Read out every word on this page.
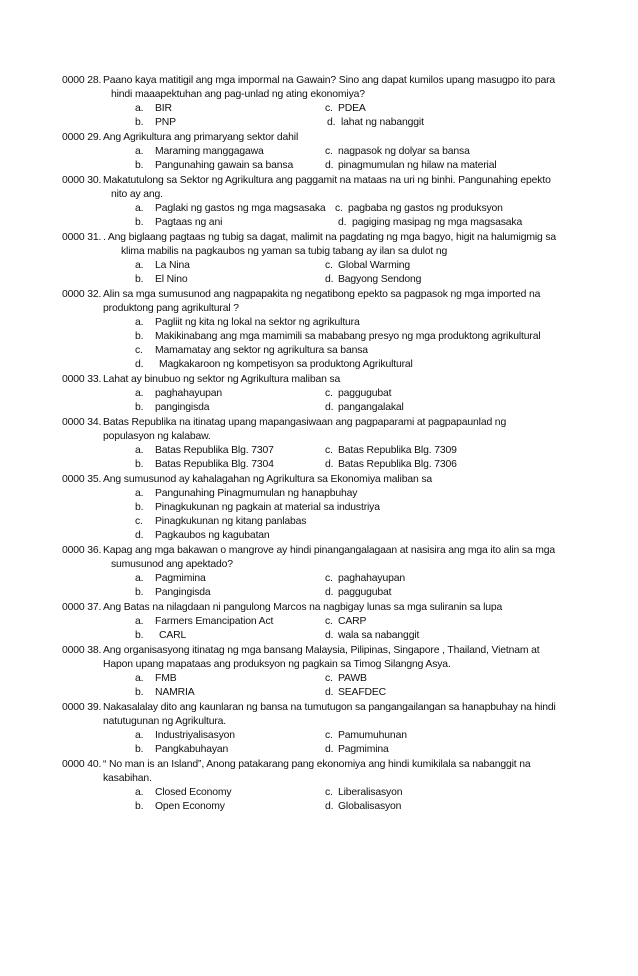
0000 28. Paano kaya matitigil ang mga impormal na Gawain? Sino ang dapat kumilos upang masugpo ito para
hindi maaapektuhan ang pag-unlad ng ating ekonomiya?
a. BIR	c. PDEA
b. PNP	d. lahat ng nabanggit
0000 29. Ang Agrikultura ang primaryang sektor dahil
a. Maraming manggagawa	c. nagpasok ng dolyar sa bansa
b. Pangunahing gawain sa bansa	d. pinagmumulan ng hilaw na material
0000 30. Makatutulong sa Sektor ng Agrikultura ang paggamit na mataas na uri ng binhi. Pangunahing epekto
nito ay ang.
a. Paglaki ng gastos ng mga magsasaka c. pagbaba ng gastos ng produksyon
b. Pagtaas ng ani	d. pagiging masipag ng mga magsasaka
0000 31. . Ang biglaang pagtaas ng tubig sa dagat, malimit na pagdating ng mga bagyo, higit na halumigmig sa
klima mabilis na pagkaubos ng yaman sa tubig tabang ay ilan sa dulot ng
a. La Nina	c. Global Warming
b. El Nino	d. Bagyong Sendong
0000 32. Alin sa mga sumusunod ang nagpapakita ng negatibong epekto sa pagpasok ng mga imported na
produktong pang agrikultural ?
a. Pagliit ng kita ng lokal na sektor ng agrikultura
b. Makikinabang ang mga mamimili sa mababang presyo ng mga produktong agrikultural
c. Mamamatay ang sektor ng agrikultura sa bansa
d. Magkakaroon ng kompetisyon sa produktong Agrikultural
0000 33. Lahat ay binubuo ng sektor ng Agrikultura maliban sa
a. paghahayupan	c. paggugubat
b. pangingisda	d. pangangalakal
0000 34. Batas Republika na itinatag upang mapangasiwaan ang pagpaparami at pagpapaunlad ng
populasyon ng kalabaw.
a. Batas Republika Blg. 7307	c. Batas Republika Blg. 7309
b. Batas Republika Blg. 7304	d. Batas Republika Blg. 7306
0000 35. Ang sumusunod ay kahalagahan ng Agrikultura sa Ekonomiya maliban sa
a. Pangunahing Pinagmumulan ng hanapbuhay
b. Pinagkukunan ng pagkain at material sa industriya
c. Pinagkukunan ng kitang panlabas
d. Pagkaubos ng kagubatan
0000 36. Kapag ang mga bakawan o mangrove ay hindi pinangangalagaan at nasisira ang mga ito alin sa mga
sumusunod ang apektado?
a. Pagmimina	c. paghahayupan
b. Pangingisda	d. paggugubat
0000 37. Ang Batas na nilagdaan ni pangulong Marcos na nagbigay lunas sa mga suliranin sa lupa
a. Farmers Emancipation Act	c. CARP
b. CARL	d. wala sa nabanggit
0000 38. Ang organisasyong itinatag ng mga bansang Malaysia, Pilipinas, Singapore , Thailand, Vietnam at
Hapon upang mapataas ang produksyon ng pagkain sa Timog Silangng Asya.
a. FMB	c. PAWB
b. NAMRIA	d. SEAFDEC
0000 39. Nakasalalay dito ang kaunlaran ng bansa na tumutugon sa pangangailangan sa hanapbuhay na hindi
natutugunan ng Agrikultura.
a. Industriyalisasyon	c. Pamumuhunan
b. Pangkabuhayan	d. Pagmimina
0000 40. “ No man is an Island”, Anong patakarang pang ekonomiya ang hindi kumikilala sa nabanggit na
kasabihan.
a. Closed Economy	c. Liberalisasyon
b. Open Economy	d. Globalisasyon
